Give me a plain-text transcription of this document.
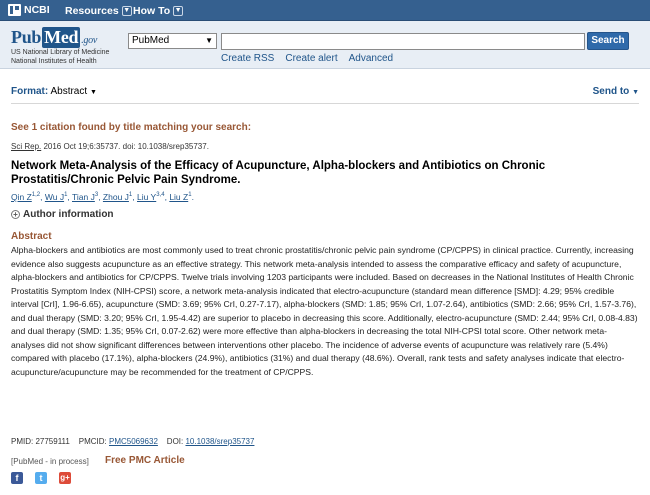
NCBI Resources ▼ How To ▼
Pub Med .gov
US National Library of Medicine
National Institutes of Health
PubMed	▼	Search
Create RSS Create alert Advanced
Format: Abstract ▼	Send to ▼
See 1 citation found by title matching your search:
Sci Rep. 2016 Oct 19;6:35737. doi: 10.1038/srep35737.
Network Meta-Analysis of the Efficacy of Acupuncture, Alpha-blockers and Antibiotics on Chronic Prostatitis/Chronic Pelvic Pain Syndrome.
Qin Z$^{1,2}$, Wu $J^1$, Tian $J^3$, Zhou $J^1$, Liu Y$^{3,4}$, Liu $Z^1$.
+ Author information
Abstract
Alpha-blockers and antibiotics are most commonly used to treat chronic prostatitis/chronic pelvic pain syndrome (CP/CPPS) in clinical practice. Currently, increasing evidence also suggests acupuncture as an effective strategy. This network meta-analysis intended to assess the comparative efficacy and safety of acupuncture, alpha-blockers and antibiotics for CP/CPPS. Twelve trials involving 1203 participants were included. Based on decreases in the National Institutes of Health Chronic Prostatitis Symptom Index (NIH-CPSI) score, a network meta-analysis indicated that electro-acupuncture (standard mean difference [SMD]: 4.29; 95% credible interval [CrI], 1.96-6.65), acupuncture (SMD: 3.69; 95% CrI, 0.27-7.17), alpha-blockers (SMD: 1.85; 95% CrI, 1.07-2.64), antibiotics (SMD: 2.66; 95% CrI, 1.57-3.76), and dual therapy (SMD: 3.20; 95% CrI, 1.95-4.42) are superior to placebo in decreasing this score. Additionally, electro-acupuncture (SMD: 2.44; 95% CrI, 0.08-4.83) and dual therapy (SMD: 1.35; 95% CrI, 0.07-2.62) were more effective than alpha-blockers in decreasing the total NIH-CPSI total score. Other network meta-analyses did not show significant differences between interventions other placebo. The incidence of adverse events of acupuncture was relatively rare (5.4%) compared with placebo (17.1%), alpha-blockers (24.9%), antibiotics (31%) and dual therapy (48.6%). Overall, rank tests and safety analyses indicate that electro-acupuncture/acupuncture may be recommended for the treatment of CP/CPPS.
PMID: 27759111 PMCID: PMC5069632 DOI: 10.1038/srep35737
[PubMed - in process] Free PMC Article
f	t	g+
